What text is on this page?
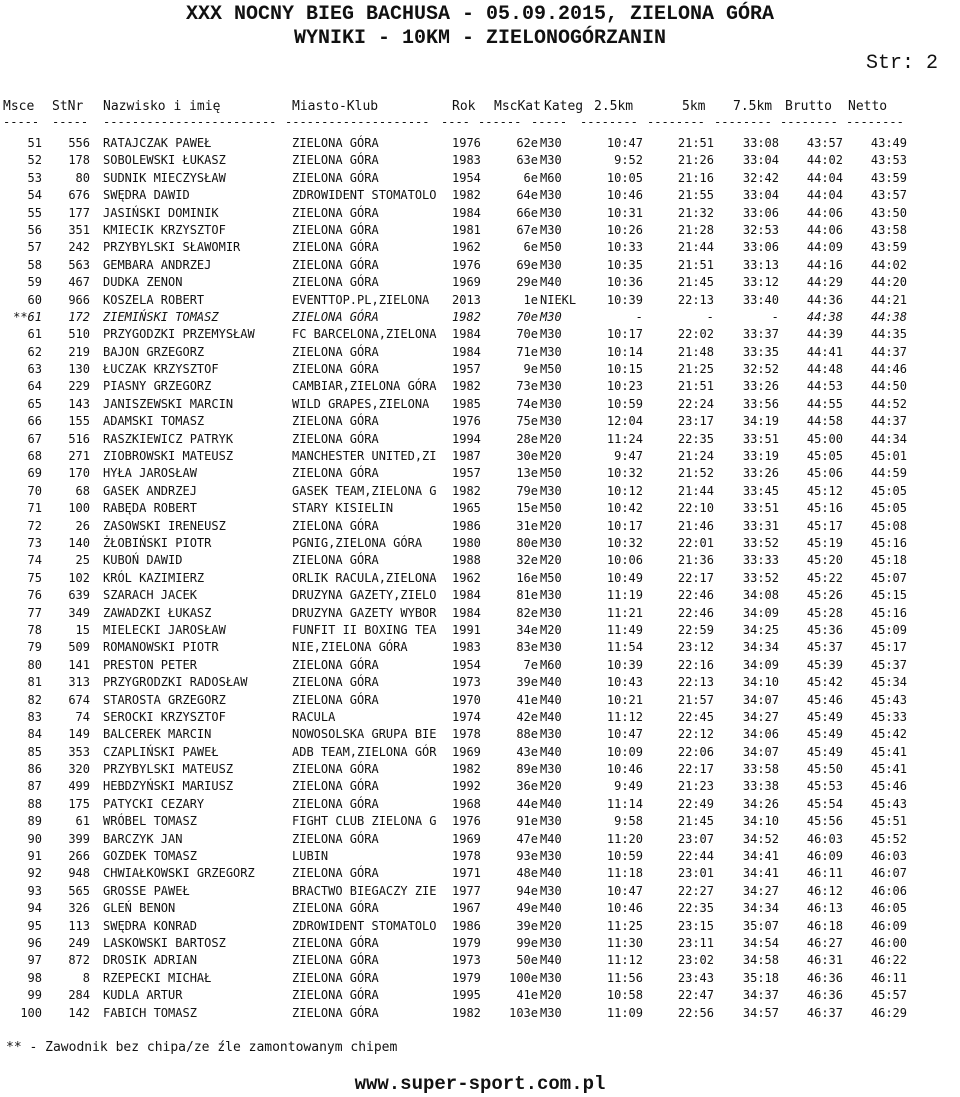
XXX NOCNY BIEG BACHUSA - 05.09.2015, ZIELONA GÓRA
WYNIKI - 10KM - ZIELONOGÓRZANIN
Str: 2
Msce StNr Nazwisko i imię	Miasto-Klub	Rok MscKat Kateg 2.5km	5km 7.5km Brutto Netto
----- ----- ------------------------ -------------------- ---- ------ ----- -------- -------- -------- -------- --------
51	556 RATAJCZAK PAWEŁ	ZIELONA GÓRA	1976	62e M30	10:47	21:51	33:08	43:57	43:49
52	178 SOBOLEWSKI ŁUKASZ	ZIELONA GÓRA	1983	63e M30	9:52	21:26	33:04	44:02	43:53
53	80 SUDNIK MIECZYSŁAW	ZIELONA GÓRA	1954	6e M60	10:05	21:16	32:42	44:04	43:59
54	676 SWĘDRA DAWID	ZDROWIDENT STOMATOLO	1982	64e M30	10:46	21:55	33:04	44:04	43:57
55	177 JASIŃSKI DOMINIK	ZIELONA GÓRA	1984	66e M30	10:31	21:32	33:06	44:06	43:50
56	351 KMIECIK KRZYSZTOF	ZIELONA GÓRA	1981	67e M30	10:26	21:28	32:53	44:06	43:58
57	242 PRZYBYLSKI SŁAWOMIR	ZIELONA GÓRA	1962	6e M50	10:33	21:44	33:06	44:09	43:59
58	563 GEMBARA ANDRZEJ	ZIELONA GÓRA	1976	69e M30	10:35	21:51	33:13	44:16	44:02
59	467 DUDKA ZENON	ZIELONA GÓRA	1969	29e M40	10:36	21:45	33:12	44:29	44:20
60	966 KOSZELA ROBERT	EVENTTOP.PL,ZIELONA	2013	1e NIEKL	10:39	22:13	33:40	44:36	44:21
**61	172 ZIEMIŃSKI TOMASZ	ZIELONA GÓRA	1982	70e M30	-	-	-	44:38	44:38
61	510 PRZYGODZKI PRZEMYSŁAW	FC BARCELONA,ZIELONA	1984	70e M30	10:17	22:02	33:37	44:39	44:35
62	219 BAJON GRZEGORZ	ZIELONA GÓRA	1984	71e M30	10:14	21:48	33:35	44:41	44:37
63	130 ŁUCZAK KRZYSZTOF	ZIELONA GÓRA	1957	9e M50	10:15	21:25	32:52	44:48	44:46
64	229 PIASNY GRZEGORZ	CAMBIAR,ZIELONA GÓRA	1982	73e M30	10:23	21:51	33:26	44:53	44:50
65	143 JANISZEWSKI MARCIN	WILD GRAPES,ZIELONA	1985	74e M30	10:59	22:24	33:56	44:55	44:52
66	155 ADAMSKI TOMASZ	ZIELONA GÓRA	1976	75e M30	12:04	23:17	34:19	44:58	44:37
67	516 RASZKIEWICZ PATRYK	ZIELONA GÓRA	1994	28e M20	11:24	22:35	33:51	45:00	44:34
68	271 ZIOBROWSKI MATEUSZ	MANCHESTER UNITED,ZI	1987	30e M20	9:47	21:24	33:19	45:05	45:01
69	170 HYŁA JAROSŁAW	ZIELONA GÓRA	1957	13e M50	10:32	21:52	33:26	45:06	44:59
70	68 GASEK ANDRZEJ	GASEK TEAM,ZIELONA G	1982	79e M30	10:12	21:44	33:45	45:12	45:05
71	100 RABĘDA ROBERT	STARY KISIELIN	1965	15e M50	10:42	22:10	33:51	45:16	45:05
72	26 ZASOWSKI IRENEUSZ	ZIELONA GÓRA	1986	31e M20	10:17	21:46	33:31	45:17	45:08
73	140 ŻŁOBIŃSKI PIOTR	PGNIG,ZIELONA GÓRA	1980	80e M30	10:32	22:01	33:52	45:19	45:16
74	25 KUBOŃ DAWID	ZIELONA GÓRA	1988	32e M20	10:06	21:36	33:33	45:20	45:18
75	102 KRÓL KAZIMIERZ	ORLIK RACULA,ZIELONA	1962	16e M50	10:49	22:17	33:52	45:22	45:07
76	639 SZARACH JACEK	DRUZYNA GAZETY,ZIELO	1984	81e M30	11:19	22:46	34:08	45:26	45:15
77	349 ZAWADZKI ŁUKASZ	DRUZYNA GAZETY WYBOR	1984	82e M30	11:21	22:46	34:09	45:28	45:16
78	15 MIELECKI JAROSŁAW	FUNFIT II BOXING TEA	1991	34e M20	11:49	22:59	34:25	45:36	45:09
79	509 ROMANOWSKI PIOTR	NIE,ZIELONA GÓRA	1983	83e M30	11:54	23:12	34:34	45:37	45:17
80	141 PRESTON PETER	ZIELONA GÓRA	1954	7e M60	10:39	22:16	34:09	45:39	45:37
81	313 PRZYGRODZKI RADOSŁAW	ZIELONA GÓRA	1973	39e M40	10:43	22:13	34:10	45:42	45:34
82	674 STAROSTA GRZEGORZ	ZIELONA GÓRA	1970	41e M40	10:21	21:57	34:07	45:46	45:43
83	74 SEROCKI KRZYSZTOF	RACULA	1974	42e M40	11:12	22:45	34:27	45:49	45:33
84	149 BALCEREK MARCIN	NOWOSOLSKA GRUPA BIE	1978	88e M30	10:47	22:12	34:06	45:49	45:42
85	353 CZAPLIŃSKI PAWEŁ	ADB TEAM,ZIELONA GÓR	1969	43e M40	10:09	22:06	34:07	45:49	45:41
86	320 PRZYBYLSKI MATEUSZ	ZIELONA GÓRA	1982	89e M30	10:46	22:17	33:58	45:50	45:41
87	499 HEBDZYŃSKI MARIUSZ	ZIELONA GÓRA	1992	36e M20	9:49	21:23	33:38	45:53	45:46
88	175 PATYCKI CEZARY	ZIELONA GÓRA	1968	44e M40	11:14	22:49	34:26	45:54	45:43
89	61 WRÓBEL TOMASZ	FIGHT CLUB ZIELONA G	1976	91e M30	9:58	21:45	34:10	45:56	45:51
90	399 BARCZYK JAN	ZIELONA GÓRA	1969	47e M40	11:20	23:07	34:52	46:03	45:52
91	266 GOZDEK TOMASZ	LUBIN	1978	93e M30	10:59	22:44	34:41	46:09	46:03
92	948 CHWIAŁKOWSKI GRZEGORZ	ZIELONA GÓRA	1971	48e M40	11:18	23:01	34:41	46:11	46:07
93	565 GROSSE PAWEŁ	BRACTWO BIEGACZY ZIE	1977	94e M30	10:47	22:27	34:27	46:12	46:06
94	326 GLEŃ BENON	ZIELONA GÓRA	1967	49e M40	10:46	22:35	34:34	46:13	46:05
95	113 SWĘDRA KONRAD	ZDROWIDENT STOMATOLO	1986	39e M20	11:25	23:15	35:07	46:18	46:09
96	249 LASKOWSKI BARTOSZ	ZIELONA GÓRA	1979	99e M30	11:30	23:11	34:54	46:27	46:00
97	872 DROSIK ADRIAN	ZIELONA GÓRA	1973	50e M40	11:12	23:02	34:58	46:31	46:22
98	8 RZEPECKI MICHAŁ	ZIELONA GÓRA	1979	100e M30	11:56	23:43	35:18	46:36	46:11
99	284 KUDLA ARTUR	ZIELONA GÓRA	1995	41e M20	10:58	22:47	34:37	46:36	45:57
100	142 FABICH TOMASZ	ZIELONA GÓRA	1982	103e M30	11:09	22:56	34:57	46:37	46:29
** - Zawodnik bez chipa/ze źle zamontowanym chipem
www.super-sport.com.pl
